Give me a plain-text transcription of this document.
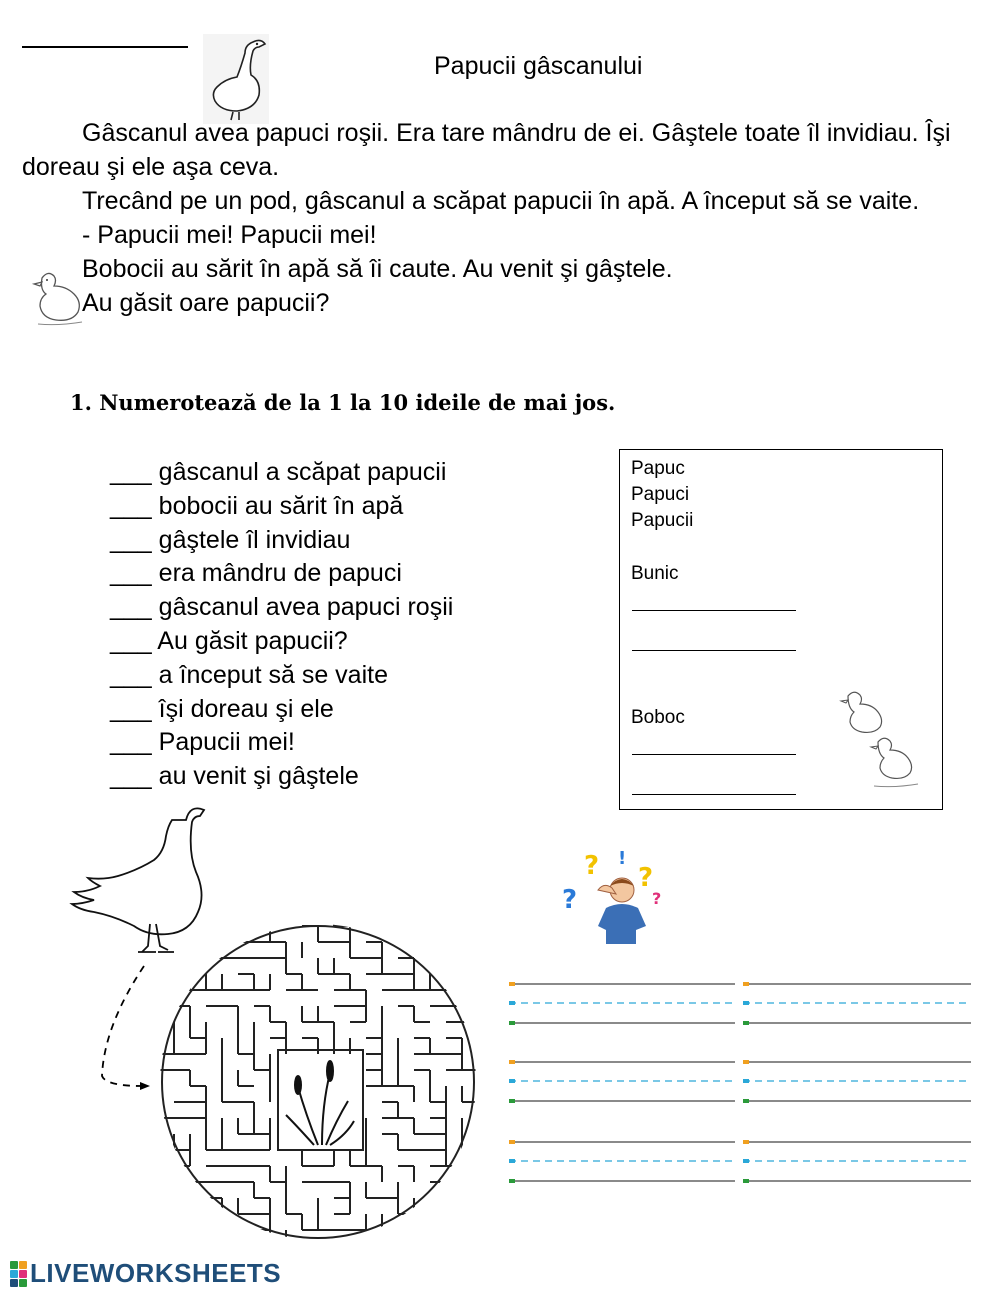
Papucii gâscanului

Gâscanul avea papuci roşii. Era tare mândru de ei. Gâştele toate îl invidiau. Îşi doreau şi ele aşa ceva.

Trecând pe un pod, gâscanul a scăpat papucii în apă. A început să se vaite.

- Papucii mei! Papucii mei!

Bobocii au sărit în apă să îi caute. Au venit şi gâştele.

Au găsit oare papucii?

1. Numerotează de la 1 la 10 ideile de mai jos.
___ gâscanul a scăpat papucii
___ bobocii au sărit în apă
___ gâştele îl invidiau
___ era mândru de papuci
___ gâscanul avea papuci roşii
___ Au găsit papucii?
___ a început să se vaite
___ îşi doreau şi ele
___ Papucii mei!
___ au venit şi gâştele
Papuc
Papuci
Papucii
Bunic
Boboc
? !
?
?	?
LIVEWORKSHEETS
